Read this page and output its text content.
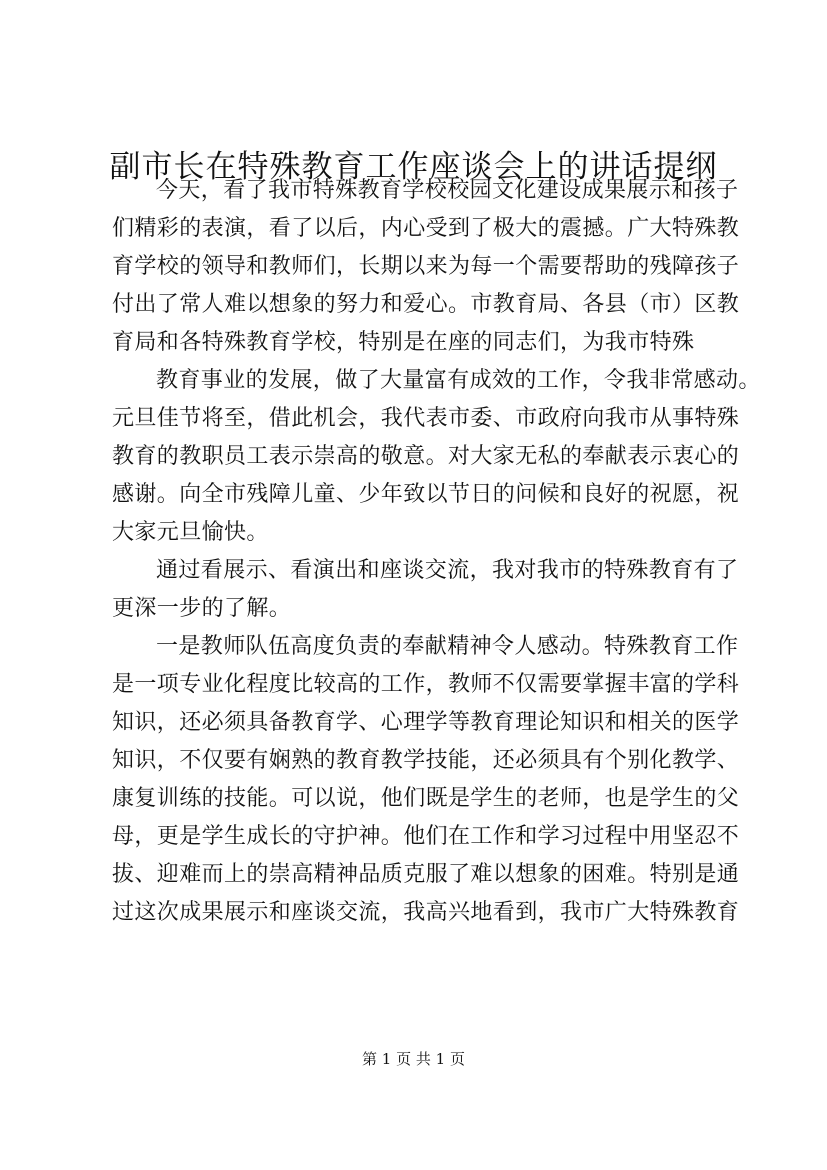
副市长在特殊教育工作座谈会上的讲话提纲
今天，看了我市特殊教育学校校园文化建设成果展示和孩子
们精彩的表演，看了以后，内心受到了极大的震撼。广大特殊教
育学校的领导和教师们，长期以来为每一个需要帮助的残障孩子
付出了常人难以想象的努力和爱心。市教育局、各县（市）区教
育局和各特殊教育学校，特别是在座的同志们，为我市特殊
教育事业的发展，做了大量富有成效的工作，令我非常感动。
元旦佳节将至，借此机会，我代表市委、市政府向我市从事特殊
教育的教职员工表示崇高的敬意。对大家无私的奉献表示衷心的
感谢。向全市残障儿童、少年致以节日的问候和良好的祝愿，祝
大家元旦愉快。
通过看展示、看演出和座谈交流，我对我市的特殊教育有了
更深一步的了解。
一是教师队伍高度负责的奉献精神令人感动。特殊教育工作
是一项专业化程度比较高的工作，教师不仅需要掌握丰富的学科
知识，还必须具备教育学、心理学等教育理论知识和相关的医学
知识，不仅要有娴熟的教育教学技能，还必须具有个别化教学、
康复训练的技能。可以说，他们既是学生的老师，也是学生的父
母，更是学生成长的守护神。他们在工作和学习过程中用坚忍不
拔、迎难而上的崇高精神品质克服了难以想象的困难。特别是通
过这次成果展示和座谈交流，我高兴地看到，我市广大特殊教育
第 1 页 共 1 页
